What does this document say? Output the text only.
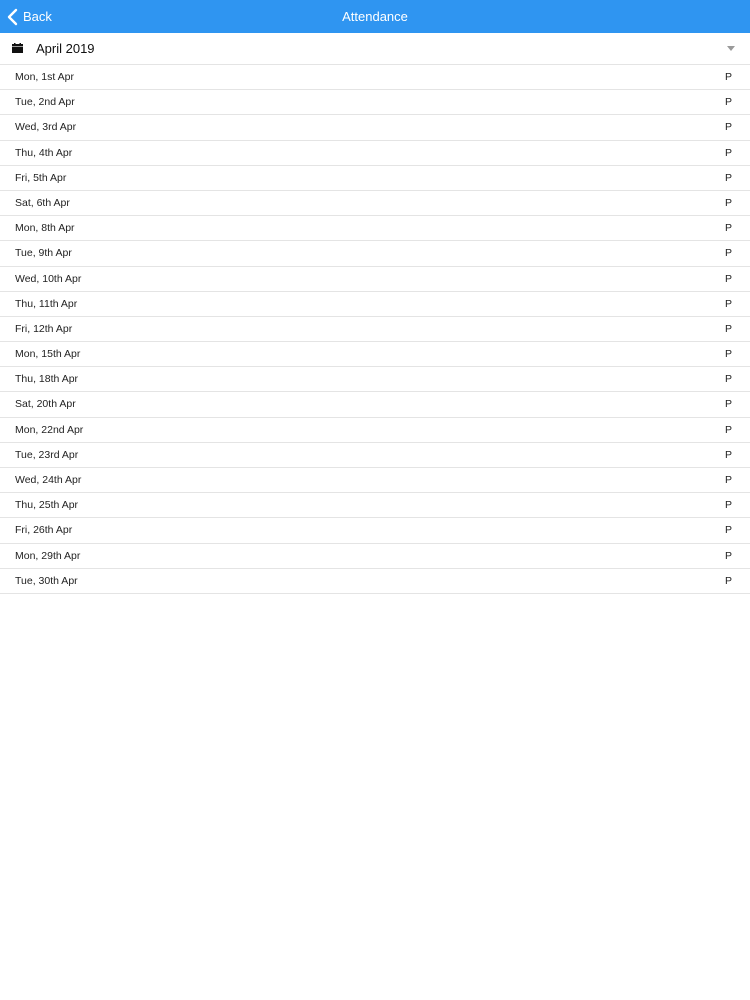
Back	Attendance
April 2019
Mon, 1st Apr	P
Tue, 2nd Apr	P
Wed, 3rd Apr	P
Thu, 4th Apr	P
Fri, 5th Apr	P
Sat, 6th Apr	P
Mon, 8th Apr	P
Tue, 9th Apr	P
Wed, 10th Apr	P
Thu, 11th Apr	P
Fri, 12th Apr	P
Mon, 15th Apr	P
Thu, 18th Apr	P
Sat, 20th Apr	P
Mon, 22nd Apr	P
Tue, 23rd Apr	P
Wed, 24th Apr	P
Thu, 25th Apr	P
Fri, 26th Apr	P
Mon, 29th Apr	P
Tue, 30th Apr	P
